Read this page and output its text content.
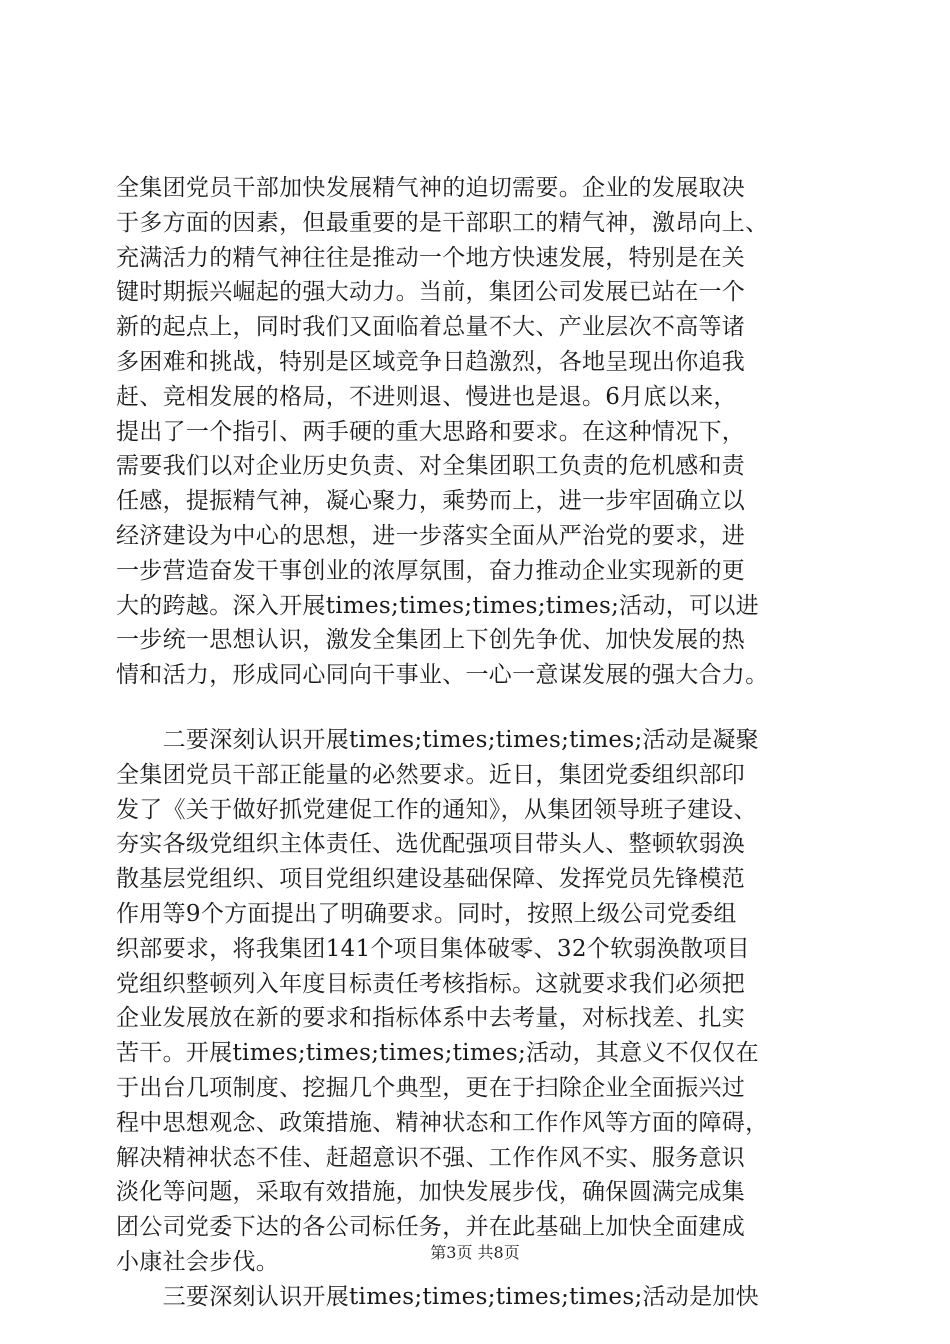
全集团党员干部加快发展精气神的迫切需要。企业的发展取决
于多方面的因素，但最重要的是干部职工的精气神，激昂向上、
充满活力的精气神往往是推动一个地方快速发展，特别是在关
键时期振兴崛起的强大动力。当前，集团公司发展已站在一个
新的起点上，同时我们又面临着总量不大、产业层次不高等诸
多困难和挑战，特别是区域竞争日趋激烈，各地呈现出你追我
赶、竞相发展的格局，不进则退、慢进也是退。6月底以来，
提出了一个指引、两手硬的重大思路和要求。在这种情况下，
需要我们以对企业历史负责、对全集团职工负责的危机感和责
任感，提振精气神，凝心聚力，乘势而上，进一步牢固确立以
经济建设为中心的思想，进一步落实全面从严治党的要求，进
一步营造奋发干事创业的浓厚氛围，奋力推动企业实现新的更
大的跨越。深入开展times;times;times;times;活动，可以进
一步统一思想认识，激发全集团上下创先争优、加快发展的热
情和活力，形成同心同向干事业、一心一意谋发展的强大合力。
　　二要深刻认识开展times;times;times;times;活动是凝聚
全集团党员干部正能量的必然要求。近日，集团党委组织部印
发了《关于做好抓党建促工作的通知》，从集团领导班子建设、
夯实各级党组织主体责任、选优配强项目带头人、整顿软弱涣
散基层党组织、项目党组织建设基础保障、发挥党员先锋模范
作用等9个方面提出了明确要求。同时，按照上级公司党委组
织部要求，将我集团141个项目集体破零、32个软弱涣散项目
党组织整顿列入年度目标责任考核指标。这就要求我们必须把
企业发展放在新的要求和指标体系中去考量，对标找差、扎实
苦干。开展times;times;times;times;活动，其意义不仅仅在
于出台几项制度、挖掘几个典型，更在于扫除企业全面振兴过
程中思想观念、政策措施、精神状态和工作作风等方面的障碍，
解决精神状态不佳、赶超意识不强、工作作风不实、服务意识
淡化等问题，采取有效措施，加快发展步伐，确保圆满完成集
团公司党委下达的各公司标任务，并在此基础上加快全面建成
小康社会步伐。
　　三要深刻认识开展times;times;times;times;活动是加快
第3页 共8页
